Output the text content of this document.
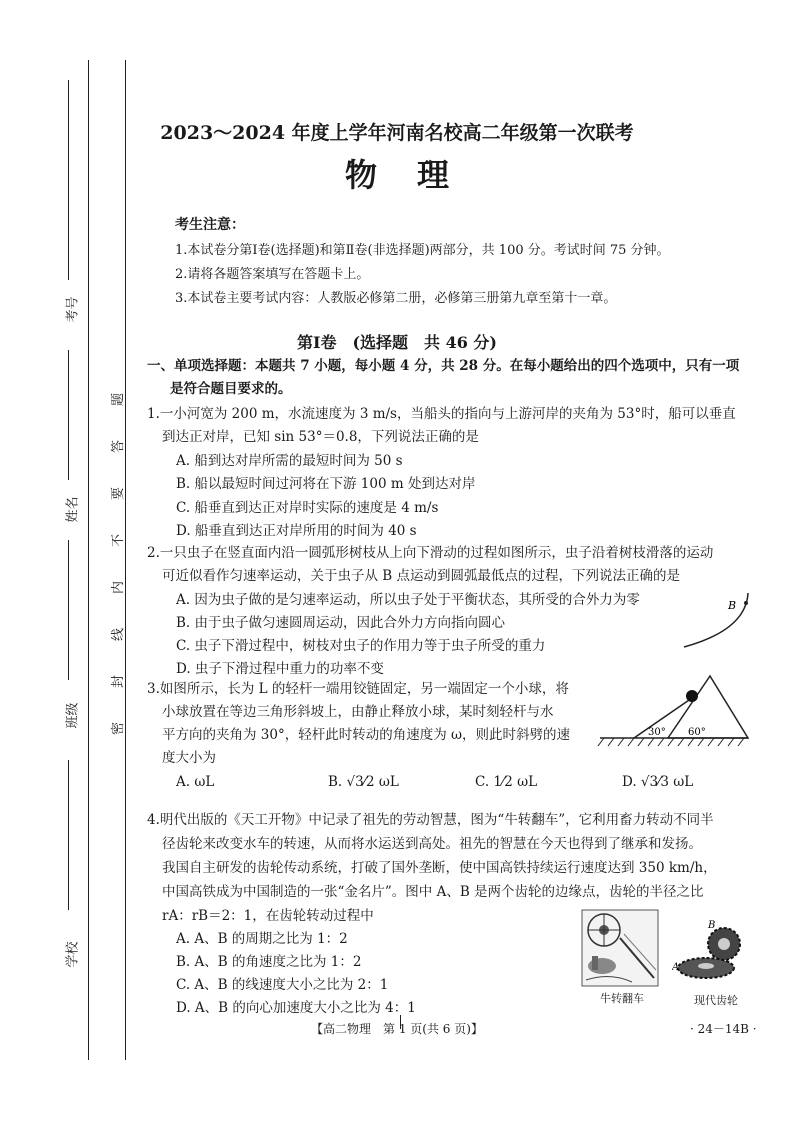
考号
姓名
班级
学校
题
答
要
不
内
线
封
密
2023～2024 年度上学年河南名校高二年级第一次联考
物理
考生注意：
1.本试卷分第Ⅰ卷(选择题)和第Ⅱ卷(非选择题)两部分，共 100 分。考试时间 75 分钟。
2.请将各题答案填写在答题卡上。
3.本试卷主要考试内容：人教版必修第二册，必修第三册第九章至第十一章。
第Ⅰ卷　(选择题　共 46 分)
一、单项选择题：本题共 7 小题，每小题 4 分，共 28 分。在每小题给出的四个选项中，只有一项
是符合题目要求的。
1.一小河宽为 200 m，水流速度为 3 m/s，当船头的指向与上游河岸的夹角为 53°时，船可以垂直
到达正对岸，已知 sin 53°＝0.8，下列说法正确的是
A. 船到达对岸所需的最短时间为 50 s
B. 船以最短时间过河将在下游 100 m 处到达对岸
C. 船垂直到达正对岸时实际的速度是 4 m/s
D. 船垂直到达正对岸所用的时间为 40 s
2.一只虫子在竖直面内沿一圆弧形树枝从上向下滑动的过程如图所示，虫子沿着树枝滑落的运动
可近似看作匀速率运动，关于虫子从 B 点运动到圆弧最低点的过程，下列说法正确的是
A. 因为虫子做的是匀速率运动，所以虫子处于平衡状态，其所受的合外力为零
B. 由于虫子做匀速圆周运动，因此合外力方向指向圆心
C. 虫子下滑过程中，树枝对虫子的作用力等于虫子所受的重力
D. 虫子下滑过程中重力的功率不变
B
3.如图所示，长为 L 的轻杆一端用铰链固定，另一端固定一个小球，将
小球放置在等边三角形斜坡上，由静止释放小球，某时刻轻杆与水
平方向的夹角为 30°，轻杆此时转动的角速度为 ω，则此时斜劈的速
度大小为
30° 60°
A. ωL	B. √3⁄2 ωL	C. 1⁄2 ωL	D. √3⁄3 ωL
4.明代出版的《天工开物》中记录了祖先的劳动智慧，图为“牛转翻车”，它利用畜力转动不同半
径齿轮来改变水车的转速，从而将水运送到高处。祖先的智慧在今天也得到了继承和发扬。
我国自主研发的齿轮传动系统，打破了国外垄断，使中国高铁持续运行速度达到 350 km/h，
中国高铁成为中国制造的一张“金名片”。图中 A、B 是两个齿轮的边缘点，齿轮的半径之比
rA：rB＝2：1，在齿轮转动过程中
A. A、B 的周期之比为 1：2
B. A、B 的角速度之比为 1：2
C. A、B 的线速度大小之比为 2：1
D. A、B 的向心加速度大小之比为 4：1
牛转翻车
B
A
现代齿轮
【高二物理　第 1 页(共 6 页)】	· 24－14B ·
